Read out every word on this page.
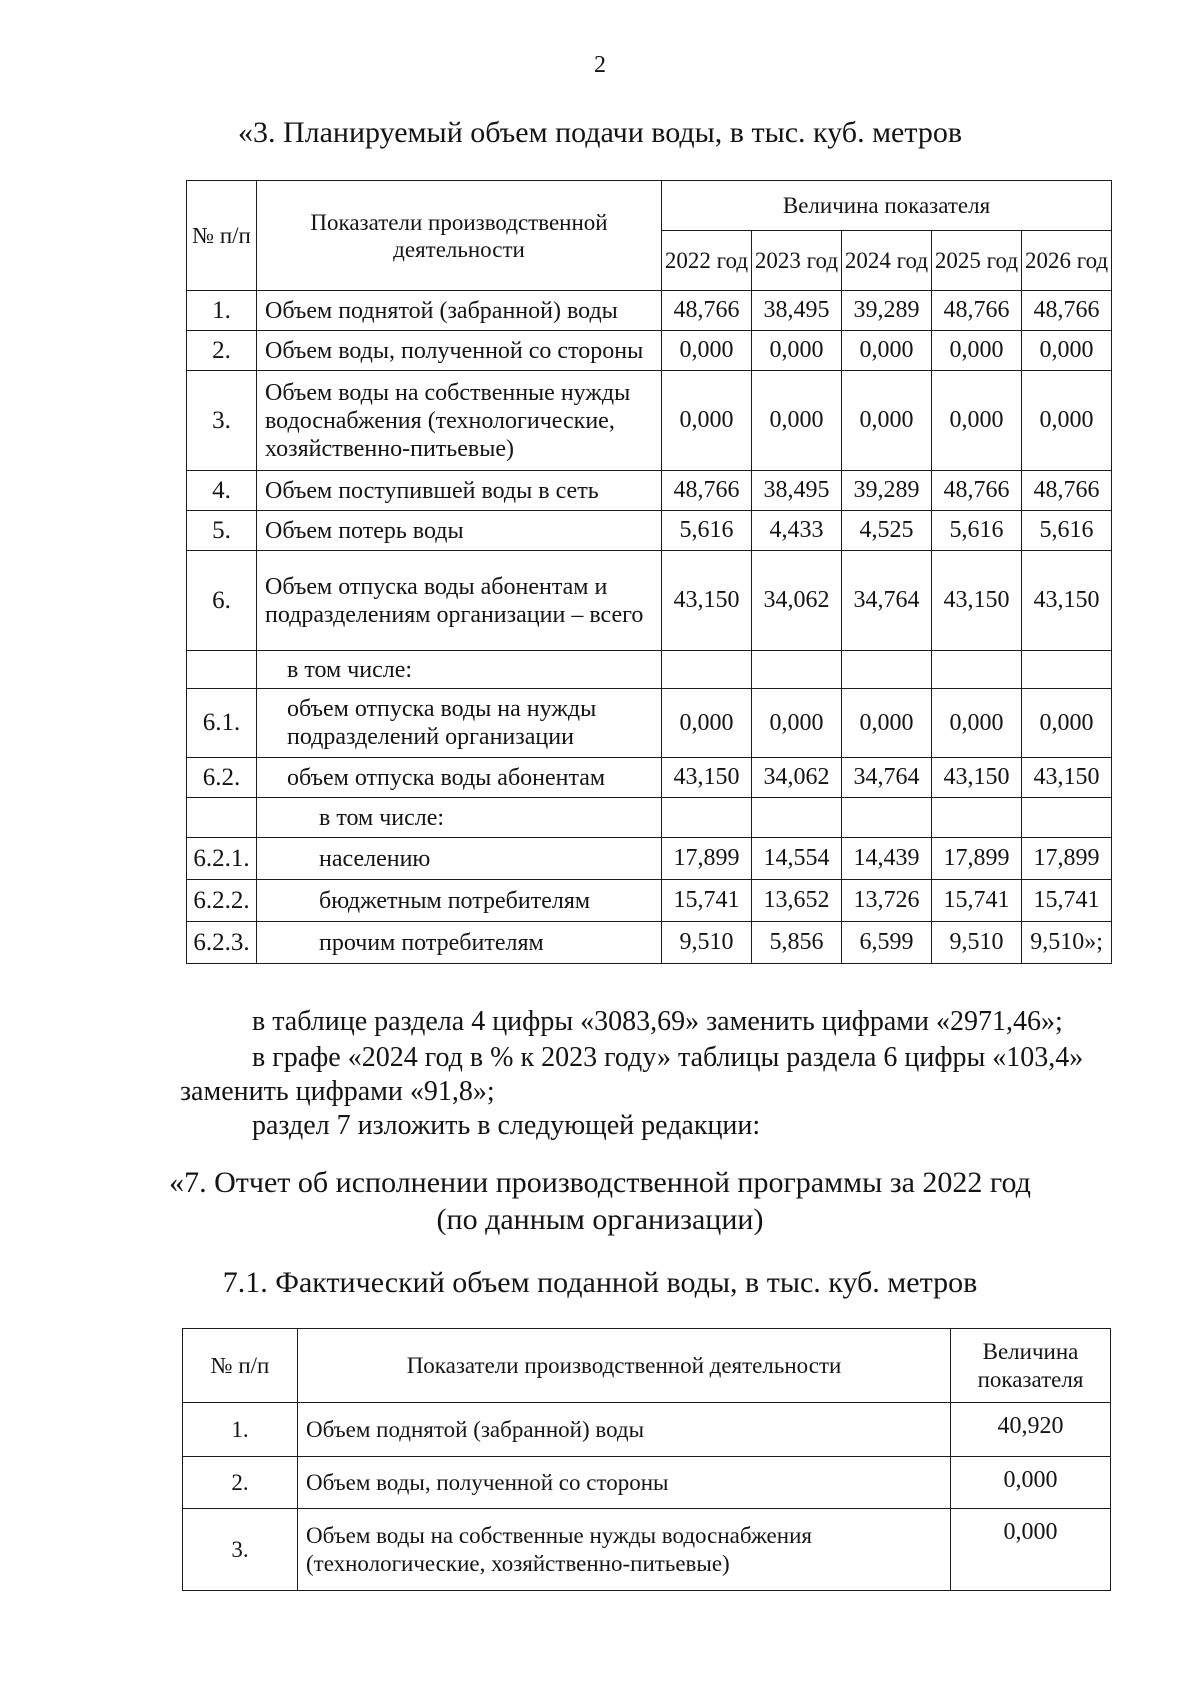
2
«3. Планируемый объем подачи воды, в тыс. куб. метров
№ п/п	Показатели производственной деятельности	Величина показателя				
		2022 год	2023 год	2024 год	2025 год	2026 год
1.	Объем поднятой (забранной) воды	48,766	38,495	39,289	48,766	48,766
2.	Объем воды, полученной со стороны	0,000	0,000	0,000	0,000	0,000
3.	Объем воды на собственные нужды водоснабжения (технологические, хозяйственно-питьевые)	0,000	0,000	0,000	0,000	0,000
4.	Объем поступившей воды в сеть	48,766	38,495	39,289	48,766	48,766
5.	Объем потерь воды	5,616	4,433	4,525	5,616	5,616
6.	Объем отпуска воды абонентам и подразделениям организации – всего	43,150	34,062	34,764	43,150	43,150
	в том числе:					
6.1.	объем отпуска воды на нужды подразделений организации	0,000	0,000	0,000	0,000	0,000
6.2.	объем отпуска воды абонентам	43,150	34,062	34,764	43,150	43,150
	в том числе:					
6.2.1.	населению	17,899	14,554	14,439	17,899	17,899
6.2.2.	бюджетным потребителям	15,741	13,652	13,726	15,741	15,741
6.2.3.	прочим потребителям	9,510	5,856	6,599	9,510	9,510»;
в таблице раздела 4 цифры «3083,69» заменить цифрами «2971,46»;
в графе «2024 год в % к 2023 году» таблицы раздела 6 цифры «103,4»
заменить цифрами «91,8»;
раздел 7 изложить в следующей редакции:
«7. Отчет об исполнении производственной программы за 2022 год
(по данным организации)
7.1. Фактический объем поданной воды, в тыс. куб. метров
№ п/п	Показатели производственной деятельности	Величина показателя
1.	Объем поднятой (забранной) воды	40,920
2.	Объем воды, полученной со стороны	0,000
3.	Объем воды на собственные нужды водоснабжения (технологические, хозяйственно-питьевые)	0,000
